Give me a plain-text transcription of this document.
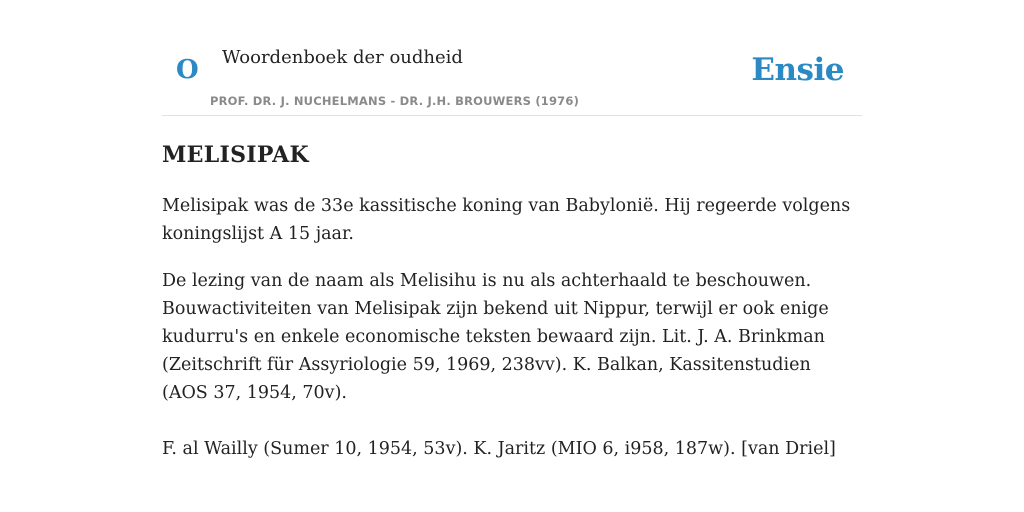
O Woordenboek der oudheid
PROF. DR. J. NUCHELMANS - DR. J.H. BROUWERS (1976)
Ensie
MELISIPAK

Melisipak was de 33e kassitische koning van Babylonië. Hij regeerde volgens koningslijst A 15 jaar.

De lezing van de naam als Melisihu is nu als achterhaald te beschouwen. Bouwactiviteiten van Melisipak zijn bekend uit Nippur, terwijl er ook enige kudurru's en enkele economische teksten bewaard zijn. Lit. J. A. Brinkman (Zeitschrift für Assyriologie 59, 1969, 238vv). K. Balkan, Kassitenstudien (AOS 37, 1954, 70v).

F. al Wailly (Sumer 10, 1954, 53v). K. Jaritz (MIO 6, i958, 187w). [van Driel]
